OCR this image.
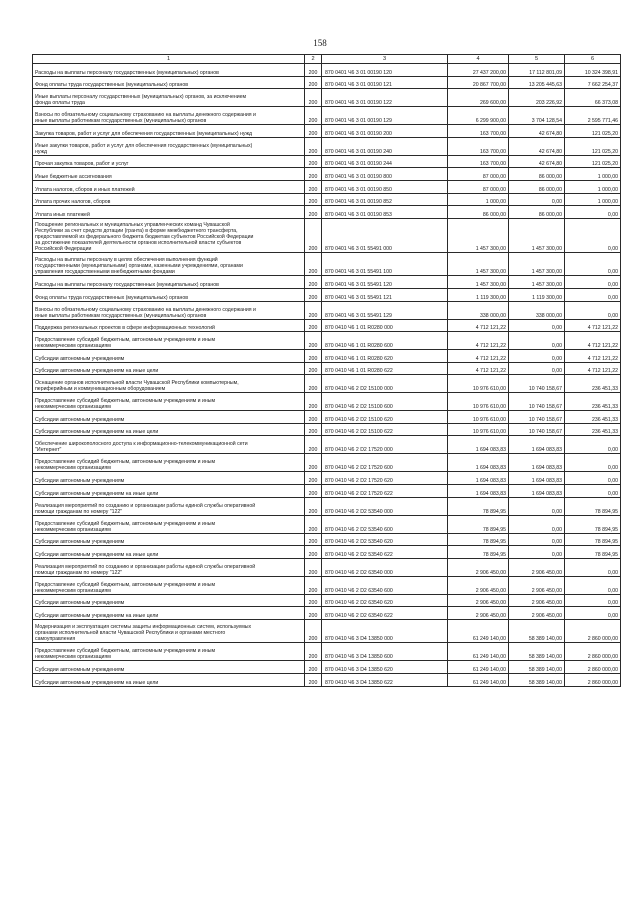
158
1	2	3	4	5	6

Расходы на выплаты персоналу государственных (муниципальных) органов	200	870 0401 Ч6 3 01 00190 120	27 437 200,00	17 112 801,09	10 324 398,91

Фонд оплаты труда государственных (муниципальных) органов	200	870 0401 Ч6 3 01 00190 121	20 867 700,00	13 205 445,63	7 662 254,37

Иные выплаты персоналу государственных (муниципальных) органов, за исключением
фонда оплаты труда	200	870 0401 Ч6 3 01 00190 122	269 600,00	203 226,92	66 373,08

Взносы по обязательному социальному страхованию на выплаты денежного содержания и
иные выплаты работникам государственных (муниципальных) органов	200	870 0401 Ч6 3 01 00190 129	6 299 900,00	3 704 128,54	2 595 771,46

Закупка товаров, работ и услуг для обеспечения государственных (муниципальных) нужд	200	870 0401 Ч6 3 01 00190 200	163 700,00	42 674,80	121 025,20

Иные закупки товаров, работ и услуг для обеспечения государственных (муниципальных)
нужд	200	870 0401 Ч6 3 01 00190 240	163 700,00	42 674,80	121 025,20

Прочая закупка товаров, работ и услуг	200	870 0401 Ч6 3 01 00190 244	163 700,00	42 674,80	121 025,20

Иные бюджетные ассигнования	200	870 0401 Ч6 3 01 00190 800	87 000,00	86 000,00	1 000,00

Уплата налогов, сборов и иных платежей	200	870 0401 Ч6 3 01 00190 850	87 000,00	86 000,00	1 000,00

Уплата прочих налогов, сборов	200	870 0401 Ч6 3 01 00190 852	1 000,00	0,00	1 000,00

Уплата иных платежей	200	870 0401 Ч6 3 01 00190 853	86 000,00	86 000,00	0,00

Поощрение региональных и муниципальных управленческих команд Чувашской
Республики за счет средств дотации (гранта) в форме межбюджетного трансферта,
предоставляемой из федерального бюджета бюджетам субъектов Российской Федерации
за достижение показателей деятельности органов исполнительной власти субъектов
Российской Федерации	200	870 0401 Ч6 3 01 55491 000	1 457 300,00	1 457 300,00	0,00

Расходы на выплаты персоналу в целях обеспечения выполнения функций
государственными (муниципальными) органами, казенными учреждениями, органами
управления государственными внебюджетными фондами	200	870 0401 Ч6 3 01 55491 100	1 457 300,00	1 457 300,00	0,00

Расходы на выплаты персоналу государственных (муниципальных) органов	200	870 0401 Ч6 3 01 55491 120	1 457 300,00	1 457 300,00	0,00

Фонд оплаты труда государственных (муниципальных) органов	200	870 0401 Ч6 3 01 55491 121	1 119 300,00	1 119 300,00	0,00

Взносы по обязательному социальному страхованию на выплаты денежного содержания и
иные выплаты работникам государственных (муниципальных) органов	200	870 0401 Ч6 3 01 55491 129	338 000,00	338 000,00	0,00

Поддержка региональных проектов в сфере информационных технологий	200	870 0410 Ч6 1 01 R0280 000	4 712 121,22	0,00	4 712 121,22

Предоставление субсидий бюджетным, автономным учреждениям и иным
некоммерческим организациям	200	870 0410 Ч6 1 01 R0280 600	4 712 121,22	0,00	4 712 121,22

Субсидии автономным учреждениям	200	870 0410 Ч6 1 01 R0280 620	4 712 121,22	0,00	4 712 121,22

Субсидии автономным учреждениям на иные цели	200	870 0410 Ч6 1 01 R0280 622	4 712 121,22	0,00	4 712 121,22

Оснащение органов исполнительной власти Чувашской Республики компьютерным,
периферийным и коммуникационным оборудованием	200	870 0410 Ч6 2 D2 15100 000	10 976 610,00	10 740 158,67	236 451,33

Предоставление субсидий бюджетным, автономным учреждениям и иным
некоммерческим организациям	200	870 0410 Ч6 2 D2 15100 600	10 976 610,00	10 740 158,67	236 451,33

Субсидии автономным учреждениям	200	870 0410 Ч6 2 D2 15100 620	10 976 610,00	10 740 158,67	236 451,33

Субсидии автономным учреждениям на иные цели	200	870 0410 Ч6 2 D2 15100 622	10 976 610,00	10 740 158,67	236 451,33

Обеспечение широкополосного доступа к информационно-телекоммуникационной сети
"Интернет"	200	870 0410 Ч6 2 D2 17520 000	1 694 083,83	1 694 083,83	0,00

Предоставление субсидий бюджетным, автономным учреждениям и иным
некоммерческим организациям	200	870 0410 Ч6 2 D2 17520 600	1 694 083,83	1 694 083,83	0,00

Субсидии автономным учреждениям	200	870 0410 Ч6 2 D2 17520 620	1 694 083,83	1 694 083,83	0,00

Субсидии автономным учреждениям на иные цели	200	870 0410 Ч6 2 D2 17520 622	1 694 083,83	1 694 083,83	0,00

Реализация мероприятий по созданию и организации работы единой службы оперативной
помощи гражданам по номеру "122"	200	870 0410 Ч6 2 D2 53540 000	78 894,95	0,00	78 894,95

Предоставление субсидий бюджетным, автономным учреждениям и иным
некоммерческим организациям	200	870 0410 Ч6 2 D2 53540 600	78 894,95	0,00	78 894,95

Субсидии автономным учреждениям	200	870 0410 Ч6 2 D2 53540 620	78 894,95	0,00	78 894,95

Субсидии автономным учреждениям на иные цели	200	870 0410 Ч6 2 D2 53540 622	78 894,95	0,00	78 894,95

Реализация мероприятий по созданию и организации работы единой службы оперативной
помощи гражданам по номеру "122"	200	870 0410 Ч6 2 D2 63540 000	2 906 450,00	2 906 450,00	0,00

Предоставление субсидий бюджетным, автономным учреждениям и иным
некоммерческим организациям	200	870 0410 Ч6 2 D2 63540 600	2 906 450,00	2 906 450,00	0,00

Субсидии автономным учреждениям	200	870 0410 Ч6 2 D2 63540 620	2 906 450,00	2 906 450,00	0,00

Субсидии автономным учреждениям на иные цели	200	870 0410 Ч6 2 D2 63540 622	2 906 450,00	2 906 450,00	0,00

Модернизация и эксплуатация системы защиты информационных систем, используемых
органами исполнительной власти Чувашской Республики и органами местного
самоуправления	200	870 0410 Ч6 3 D4 13850 000	61 249 140,00	58 389 140,00	2 860 000,00

Предоставление субсидий бюджетным, автономным учреждениям и иным
некоммерческим организациям	200	870 0410 Ч6 3 D4 13850 600	61 249 140,00	58 389 140,00	2 860 000,00

Субсидии автономным учреждениям	200	870 0410 Ч6 3 D4 13850 620	61 249 140,00	58 389 140,00	2 860 000,00

Субсидии автономным учреждениям на иные цели	200	870 0410 Ч6 3 D4 13850 622	61 249 140,00	58 389 140,00	2 860 000,00
